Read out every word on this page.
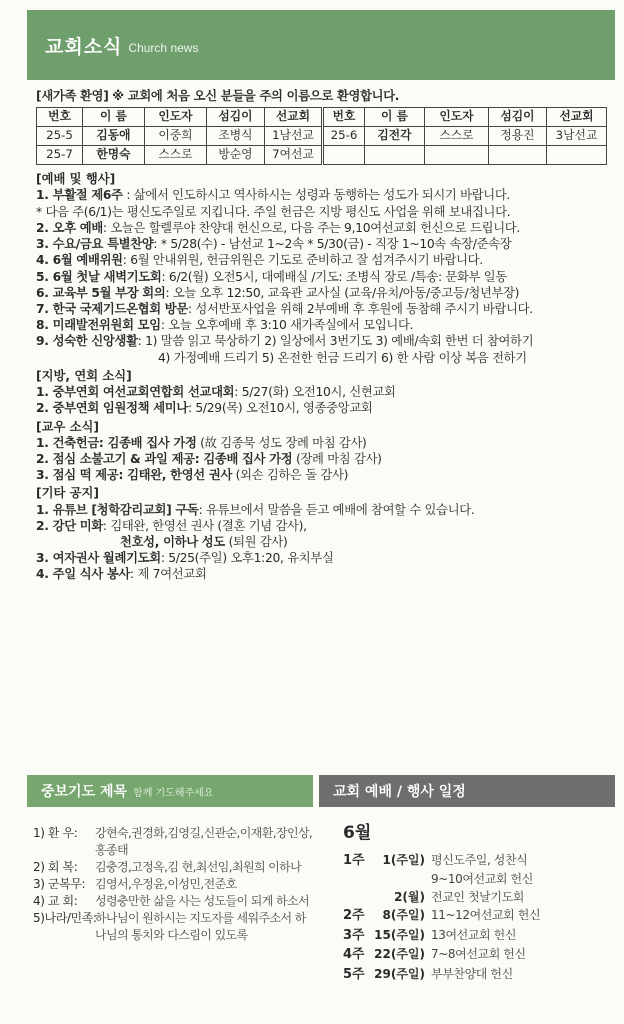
교회소식 Church news
[새가족 환영] ※ 교회에 처음 오신 분들을 주의 이름으로 환영합니다.
번호	이 름	인도자	섬김이	선교회	번호	이 름	인도자	섬김이	선교회
25-5	김동애	이중희	조병식	1남선교	25-6	김전각	스스로	정용진	3남선교
25-7	한명숙	스스로	방순영	7여선교					
[예배 및 행사]
1. 부활절 제6주 : 삶에서 인도하시고 역사하시는 성령과 동행하는 성도가 되시기 바랍니다.
* 다음 주(6/1)는 평신도주일로 지킵니다. 주일 헌금은 지방 평신도 사업을 위해 보내집니다.
2. 오후 예배: 오늘은 할렐루야 찬양대 헌신으로, 다음 주는 9,10여선교회 헌신으로 드립니다.
3. 수요/금요 특별찬양: * 5/28(수) - 남선교 1~2속 * 5/30(금) - 직장 1~10속 속장/준속장
4. 6월 예배위원: 6월 안내위원, 헌금위원은 기도로 준비하고 잘 섬겨주시기 바랍니다.
5. 6월 첫날 새벽기도회: 6/2(월) 오전5시, 대예배실 /기도: 조병식 장로 /특송: 문화부 일동
6. 교육부 5월 부장 회의: 오늘 오후 12:50, 교육관 교사실 (교육/유치/아동/중고등/청년부장)
7. 한국 국제기드온협회 방문: 성서반포사업을 위해 2부예배 후 후원에 동참해 주시기 바랍니다.
8. 미래발전위원회 모임: 오늘 오후예배 후 3:10 새가족실에서 모입니다.
9. 성숙한 신앙생활: 1) 말씀 읽고 묵상하기 2) 일상에서 3번기도 3) 예배/속회 한번 더 참여하기
4) 가정예배 드리기 5) 온전한 헌금 드리기 6) 한 사람 이상 복음 전하기
[지방, 연회 소식]
1. 중부연회 여선교회연합회 선교대회: 5/27(화) 오전10시, 신현교회
2. 중부연회 임원정책 세미나: 5/29(목) 오전10시, 영종중앙교회
[교우 소식]
1. 건축헌금: 김종배 집사 가정 (故 김종묵 성도 장례 마침 감사)
2. 점심 소불고기 & 과일 제공: 김종배 집사 가정 (장례 마침 감사)
3. 점심 떡 제공: 김태완, 한영선 권사 (외손 김하은 돌 감사)
[기타 공지]
1. 유튜브 [청학감리교회] 구독: 유튜브에서 말씀을 듣고 예배에 참여할 수 있습니다.
2. 강단 미화: 김태완, 한영선 권사 (결혼 기념 감사),
천호성, 이하나 성도 (퇴원 감사)
3. 여자권사 월례기도회: 5/25(주일) 오후1:20, 유치부실
4. 주일 식사 봉사: 제 7여선교회
중보기도 제목 함께 기도해주세요
1) 환 우:	강현숙,권경화,김영길,신관순,이재환,장인상,홍종태
2) 회 복:	김충경,고정옥,김 현,최선임,최원희 이하나
3) 군복무: 김영서,우정윤,이성민,전준호
4) 교 회:	성령충만한 삶을 사는 성도들이 되게 하소서
5)나라/민족:
하나님이 원하시는 지도자를 세워주소서 하나님의 통치와 다스림이 있도록
교회 예배 / 행사 일정
6월
1주	1(주일) 평신도주일, 성찬식
9~10여선교회 헌신
2(월) 전교인 첫날기도회
2주	8(주일) 11~12여선교회 헌신
3주 15(주일) 13여선교회 헌신
4주 22(주일) 7~8여선교회 헌신
5주 29(주일) 부부찬양대 헌신
